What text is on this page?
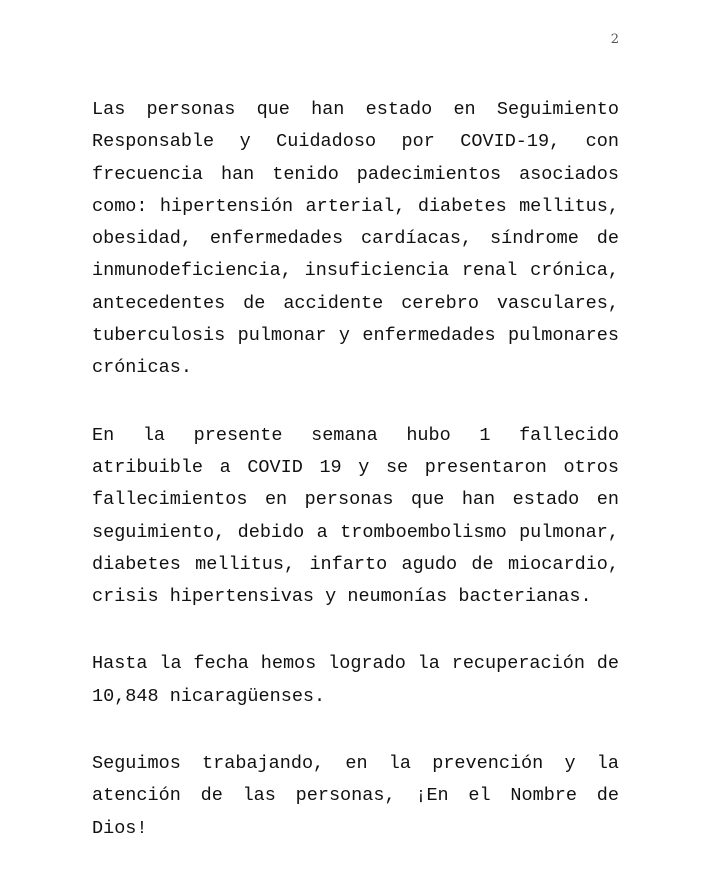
2

Las personas que han estado en Seguimiento Responsable y Cuidadoso por COVID-19, con frecuencia han tenido padecimientos asociados como: hipertensión arterial, diabetes mellitus, obesidad, enfermedades cardíacas, síndrome de inmunodeficiencia, insuficiencia renal crónica, antecedentes de accidente cerebro vasculares, tuberculosis pulmonar y enfermedades pulmonares crónicas.

En la presente semana hubo 1 fallecido atribuible a COVID 19 y se presentaron otros fallecimientos en personas que han estado en seguimiento, debido a tromboembolismo pulmonar, diabetes mellitus, infarto agudo de miocardio, crisis hipertensivas y neumonías bacterianas.

Hasta la fecha hemos logrado la recuperación de 10,848 nicaragüenses.

Seguimos trabajando, en la prevención y la atención de las personas, ¡En el Nombre de Dios!
